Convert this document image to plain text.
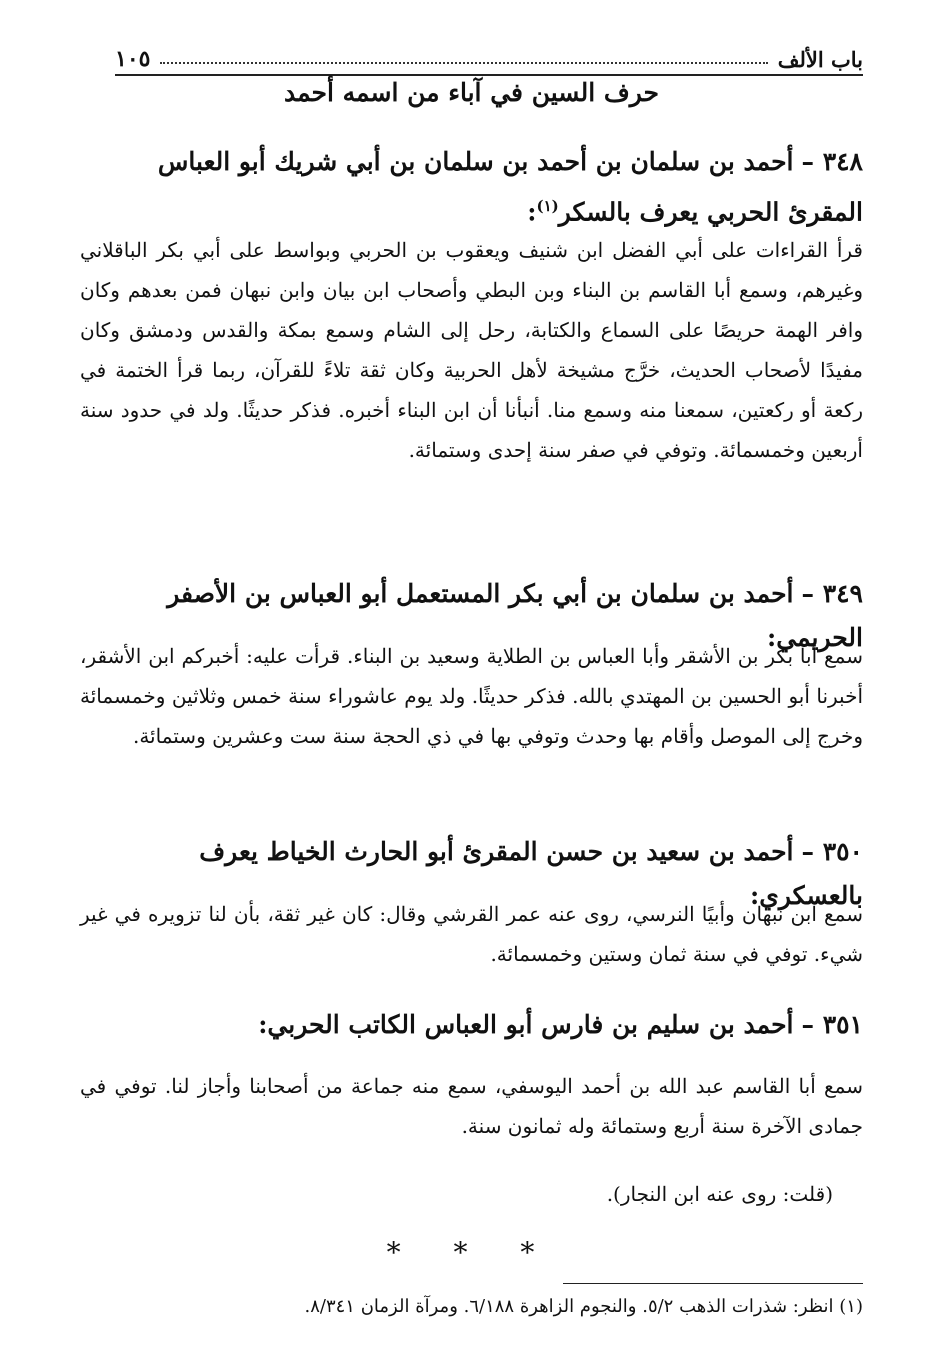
باب الألف
١٠٥
حرف السين في آباء من اسمه أحمد
٣٤٨ –أحمد بن سلمان بن أحمد بن سلمان بن أبي شريك أبو العباس المقرئ الحربي يعرف بالسكر$^{(١)}$:

قرأ القراءات على أبي الفضل ابن شنيف ويعقوب بن الحربي وبواسط على أبي بكر الباقلاني وغيرهم، وسمع أبا القاسم بن البناء وبن البطي وأصحاب ابن بيان وابن نبهان فمن بعدهم وكان وافر الهمة حريصًا على السماع والكتابة، رحل إلى الشام وسمع بمكة والقدس ودمشق وكان مفيدًا لأصحاب الحديث، خرَّج مشيخة لأهل الحربية وكان ثقة تلاءً للقرآن، ربما قرأ الختمة في ركعة أو ركعتين، سمعنا منه وسمع منا. أنبأنا أن ابن البناء أخبره. فذكر حديثًا. ولد في حدود سنة أربعين وخمسمائة. وتوفي في صفر سنة إحدى وستمائة.

٣٤٩ –أحمد بن سلمان بن أبي بكر المستعمل أبو العباس بن الأصفر الحريمي:

سمع أبا بكر بن الأشقر وأبا العباس بن الطلاية وسعيد بن البناء. قرأت عليه: أخبركم ابن الأشقر، أخبرنا أبو الحسين بن المهتدي بالله. فذكر حديثًا. ولد يوم عاشوراء سنة خمس وثلاثين وخمسمائة وخرج إلى الموصل وأقام بها وحدث وتوفي بها في ذي الحجة سنة ست وعشرين وستمائة.

٣٥٠ –أحمد بن سعيد بن حسن المقرئ أبو الحارث الخياط يعرف بالعسكري:

سمع ابن نبهان وأبيًا النرسي، روى عنه عمر القرشي وقال: كان غير ثقة، بأن لنا تزويره في غير شيء. توفي في سنة ثمان وستين وخمسمائة.

٣٥١ –أحمد بن سليم بن فارس أبو العباس الكاتب الحربي:

سمع أبا القاسم عبد الله بن أحمد اليوسفي، سمع منه جماعة من أصحابنا وأجاز لنا. توفي في جمادى الآخرة سنة أربع وستمائة وله ثمانون سنة.

(قلت: روى عنه ابن النجار).

* * *
(١) انظر: شذرات الذهب ٥/٢. والنجوم الزاهرة ٦/١٨٨. ومرآة الزمان ٨/٣٤١.
